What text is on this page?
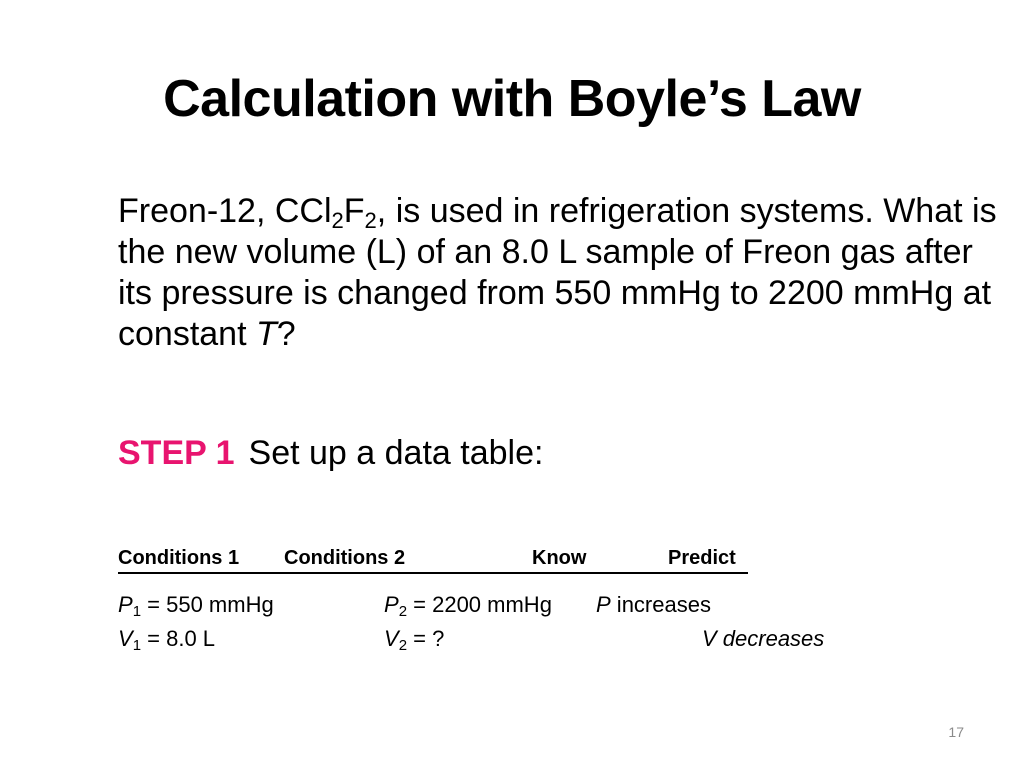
Calculation with Boyle’s Law

Freon-12, $CCl_2F_2$, is used in refrigeration systems. What is the new volume (L) of an 8.0 L sample of Freon gas after its pressure is changed from 550 mmHg to 2200 mmHg at constant T?

STEP 1 Set up a data table:

Conditions 1 Conditions 2	Know	Predict
$P_1 = 550$ mmHg
$V_1 = 8.0$ L
$P_2 = 2200$ mmHg
$V_2$ = ?
P increases
V decreases
17
